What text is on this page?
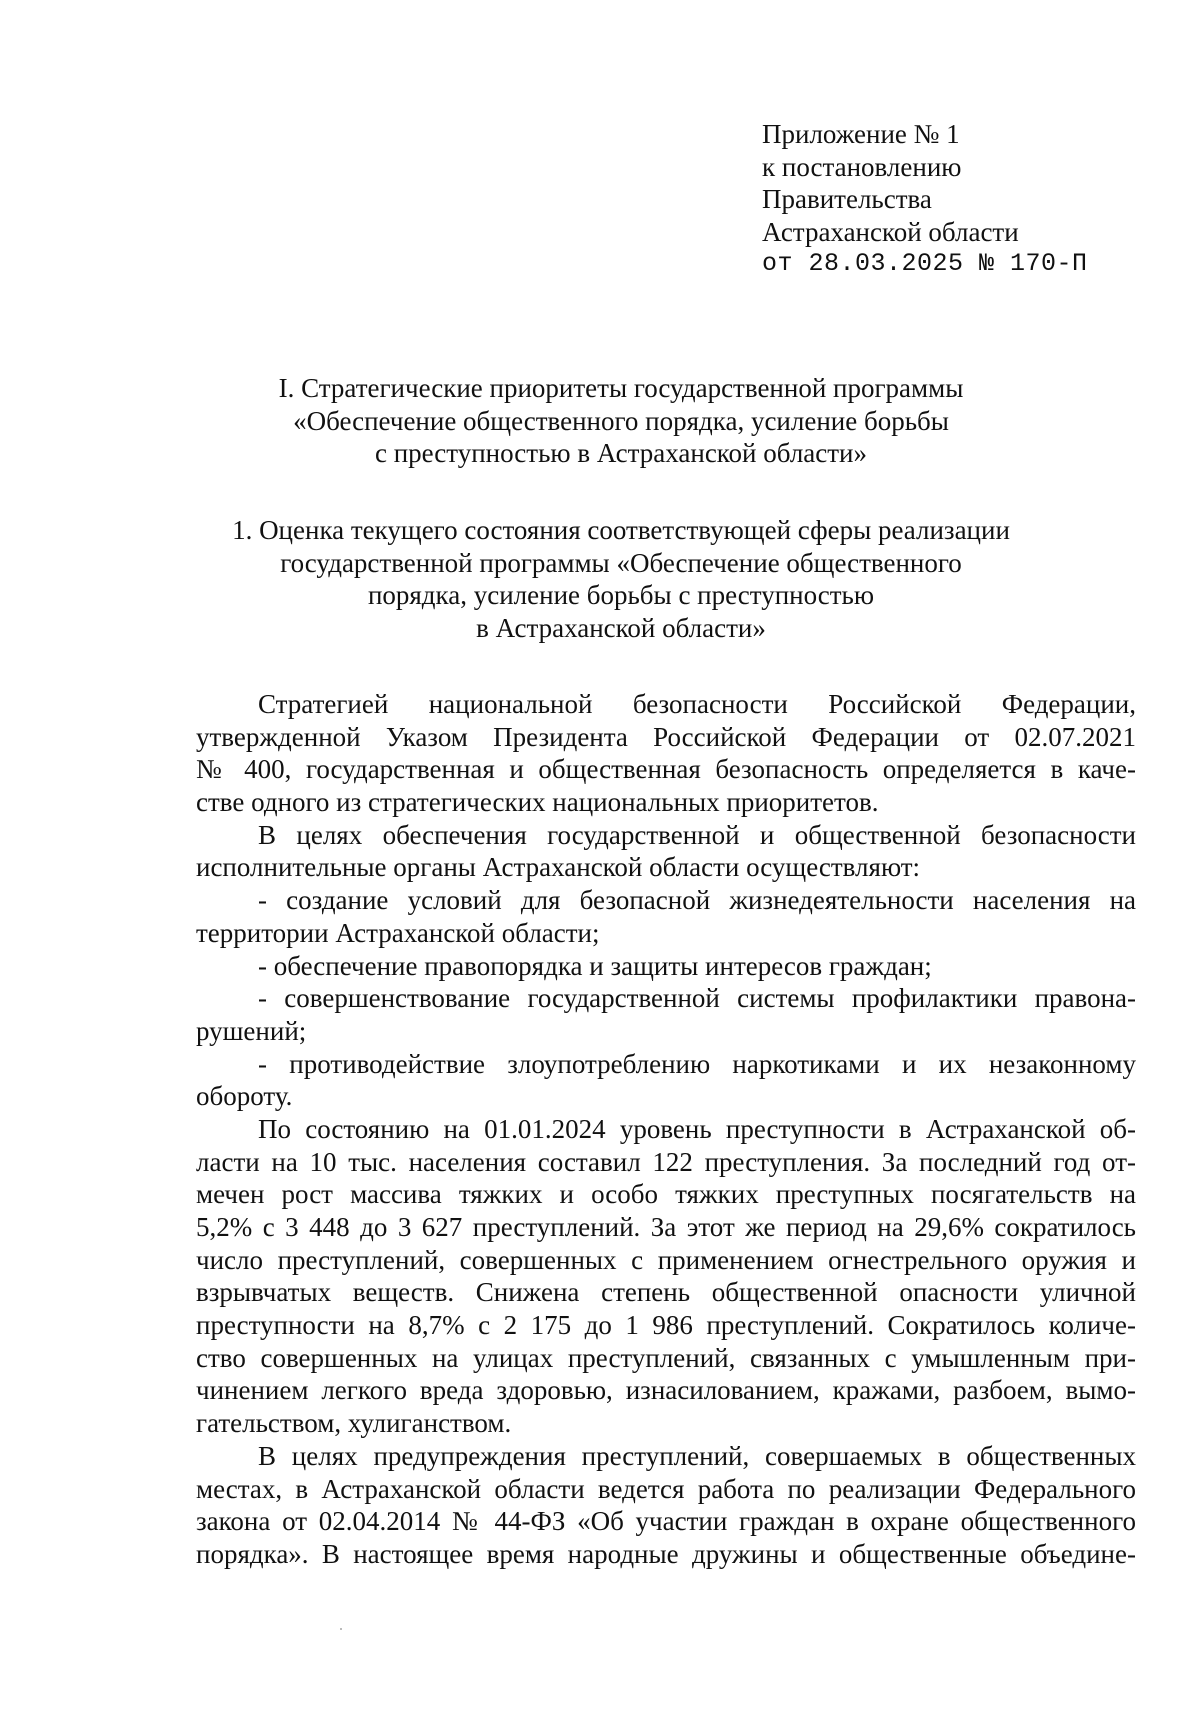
Приложение № 1
к постановлению
Правительства
Астраханской области
от 28.03.2025 № 170-П
I. Стратегические приоритеты государственной программы
«Обеспечение общественного порядка, усиление борьбы
с преступностью в Астраханской области»
1. Оценка текущего состояния соответствующей сферы реализации
государственной программы «Обеспечение общественного
порядка, усиление борьбы с преступностью
в Астраханской области»
Стратегией национальной безопасности Российской Федерации,
утвержденной Указом Президента Российской Федерации от 02.07.2021
№ 400, государственная и общественная безопасность определяется в каче-
стве одного из стратегических национальных приоритетов.
В целях обеспечения государственной и общественной безопасности
исполнительные органы Астраханской области осуществляют:
- создание условий для безопасной жизнедеятельности населения на
территории Астраханской области;
- обеспечение правопорядка и защиты интересов граждан;
- совершенствование государственной системы профилактики правона-
рушений;
- противодействие злоупотреблению наркотиками и их незаконному
обороту.
По состоянию на 01.01.2024 уровень преступности в Астраханской об-
ласти на 10 тыс. населения составил 122 преступления. За последний год от-
мечен рост массива тяжких и особо тяжких преступных посягательств на
5,2% с 3 448 до 3 627 преступлений. За этот же период на 29,6% сократилось
число преступлений, совершенных с применением огнестрельного оружия и
взрывчатых веществ. Снижена степень общественной опасности уличной
преступности на 8,7% с 2 175 до 1 986 преступлений. Сократилось количе-
ство совершенных на улицах преступлений, связанных с умышленным при-
чинением легкого вреда здоровью, изнасилованием, кражами, разбоем, вымо-
гательством, хулиганством.
В целях предупреждения преступлений, совершаемых в общественных
местах, в Астраханской области ведется работа по реализации Федерального
закона от 02.04.2014 № 44-ФЗ «Об участии граждан в охране общественного
порядка». В настоящее время народные дружины и общественные объедине-
